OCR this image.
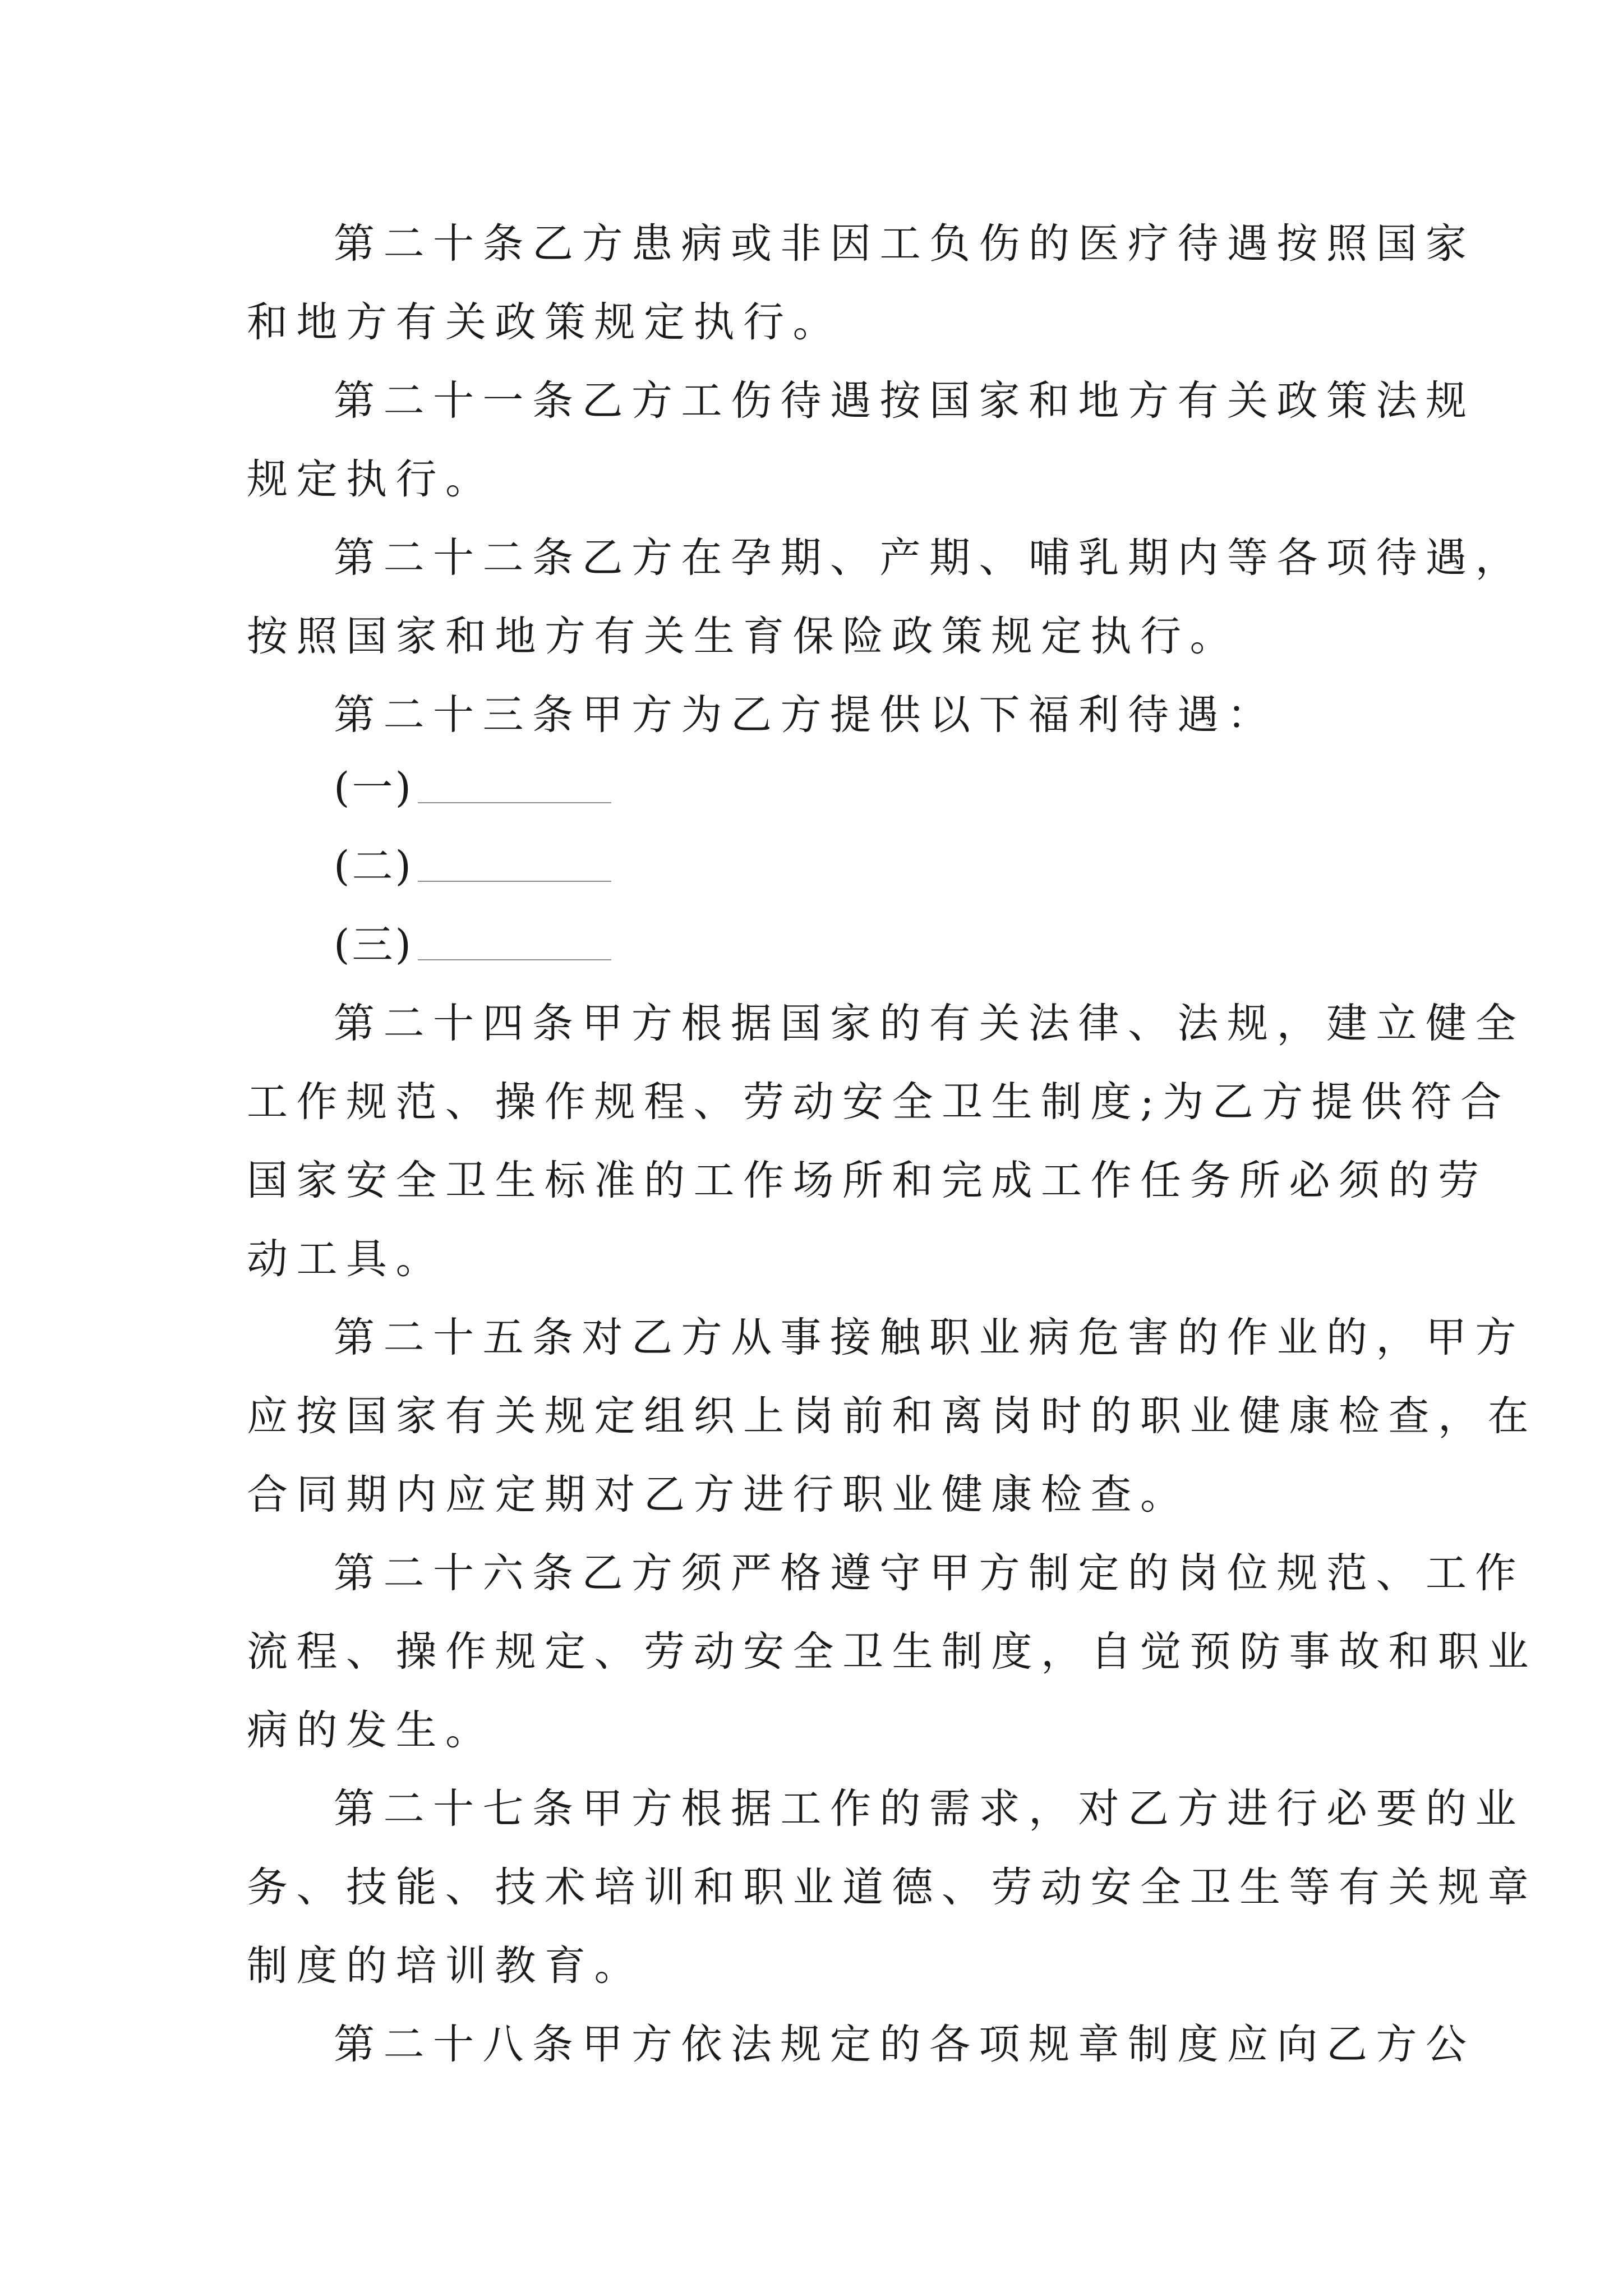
第二十条乙方患病或非因工负伤的医疗待遇按照国家
和地方有关政策规定执行。
第二十一条乙方工伤待遇按国家和地方有关政策法规
规定执行。
第二十二条乙方在孕期、产期、哺乳期内等各项待遇，
按照国家和地方有关生育保险政策规定执行。
第二十三条甲方为乙方提供以下福利待遇：
(一)
(二)
(三)
第二十四条甲方根据国家的有关法律、法规，建立健全
工作规范、操作规程、劳动安全卫生制度;为乙方提供符合
国家安全卫生标准的工作场所和完成工作任务所必须的劳
动工具。
第二十五条对乙方从事接触职业病危害的作业的，甲方
应按国家有关规定组织上岗前和离岗时的职业健康检查，在
合同期内应定期对乙方进行职业健康检查。
第二十六条乙方须严格遵守甲方制定的岗位规范、工作
流程、操作规定、劳动安全卫生制度，自觉预防事故和职业
病的发生。
第二十七条甲方根据工作的需求，对乙方进行必要的业
务、技能、技术培训和职业道德、劳动安全卫生等有关规章
制度的培训教育。
第二十八条甲方依法规定的各项规章制度应向乙方公
